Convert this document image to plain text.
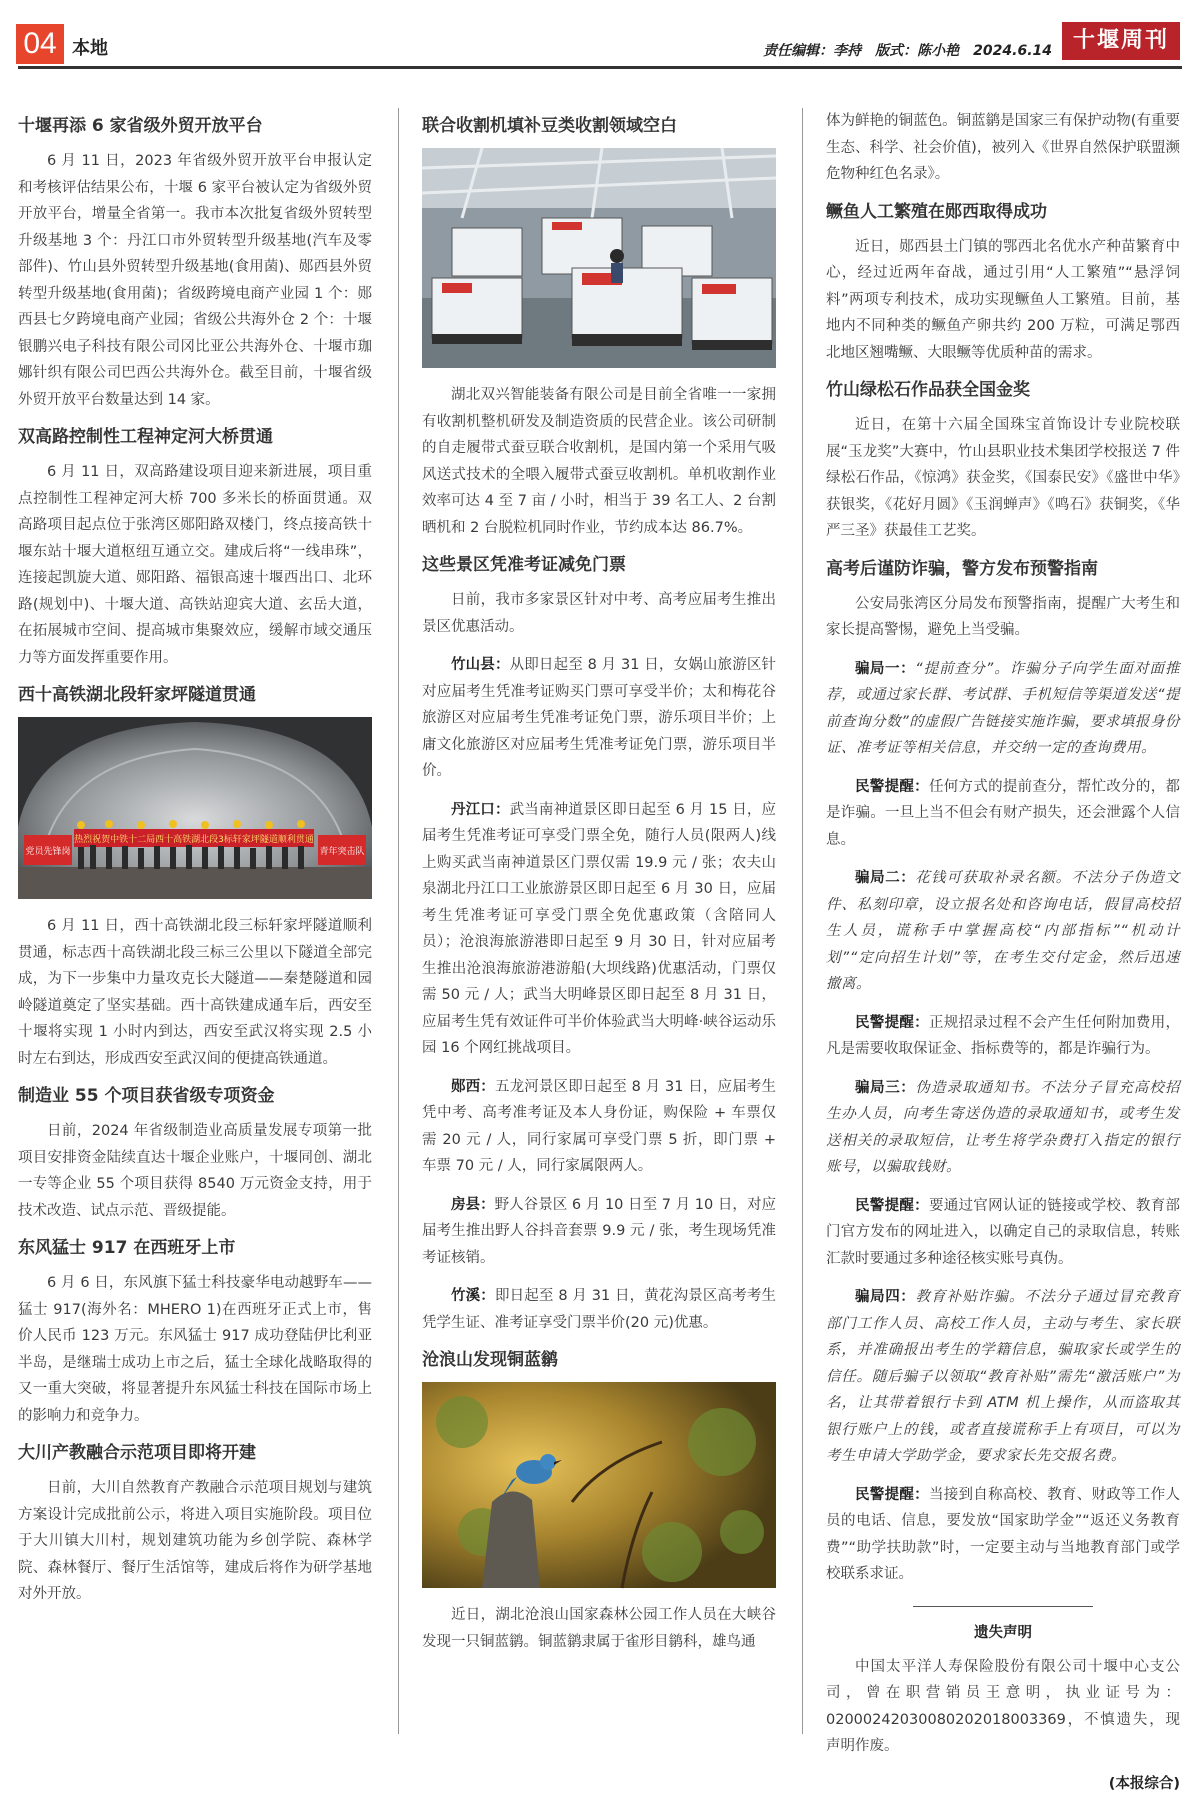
04 本地	责任编辑：李持　版式：陈小艳　2024.6.14 十堰周刊
十堰再添 6 家省级外贸开放平台

6 月 11 日，2023 年省级外贸开放平台申报认定和考核评估结果公布，十堰 6 家平台被认定为省级外贸开放平台，增量全省第一。我市本次批复省级外贸转型升级基地 3 个：丹江口市外贸转型升级基地(汽车及零部件)、竹山县外贸转型升级基地(食用菌)、郧西县外贸转型升级基地(食用菌)；省级跨境电商产业园 1 个：郧西县七夕跨境电商产业园；省级公共海外仓 2 个：十堰银鹏兴电子科技有限公司冈比亚公共海外仓、十堰市珈娜针织有限公司巴西公共海外仓。截至目前，十堰省级外贸开放平台数量达到 14 家。

双高路控制性工程神定河大桥贯通

6 月 11 日，双高路建设项目迎来新进展，项目重点控制性工程神定河大桥 700 多米长的桥面贯通。双高路项目起点位于张湾区郧阳路双楼门，终点接高铁十堰东站十堰大道枢纽互通立交。建成后将“一线串珠”，连接起凯旋大道、郧阳路、福银高速十堰西出口、北环路(规划中)、十堰大道、高铁站迎宾大道、玄岳大道，在拓展城市空间、提高城市集聚效应，缓解市域交通压力等方面发挥重要作用。

西十高铁湖北段轩家坪隧道贯通
热烈祝贺中铁十二局西十高铁湖北段3标轩家坪隧道顺利贯通
党员先锋岗	青年突击队

6 月 11 日，西十高铁湖北段三标轩家坪隧道顺利贯通，标志西十高铁湖北段三标三公里以下隧道全部完成，为下一步集中力量攻克长大隧道——秦楚隧道和园岭隧道奠定了坚实基础。西十高铁建成通车后，西安至十堰将实现 1 小时内到达，西安至武汉将实现 2.5 小时左右到达，形成西安至武汉间的便捷高铁通道。

制造业 55 个项目获省级专项资金

日前，2024 年省级制造业高质量发展专项第一批项目安排资金陆续直达十堰企业账户，十堰同创、湖北一专等企业 55 个项目获得 8540 万元资金支持，用于技术改造、试点示范、晋级提能。

东风猛士 917 在西班牙上市

6 月 6 日，东风旗下猛士科技豪华电动越野车——猛士 917(海外名：MHERO 1)在西班牙正式上市，售价人民币 123 万元。东风猛士 917 成功登陆伊比利亚半岛，是继瑞士成功上市之后，猛士全球化战略取得的又一重大突破，将显著提升东风猛士科技在国际市场上的影响力和竞争力。

大川产教融合示范项目即将开建

日前，大川自然教育产教融合示范项目规划与建筑方案设计完成批前公示，将进入项目实施阶段。项目位于大川镇大川村，规划建筑功能为乡创学院、森林学院、森林餐厅、餐厅生活馆等，建成后将作为研学基地对外开放。

联合收割机填补豆类收割领域空白

湖北双兴智能装备有限公司是目前全省唯一一家拥有收割机整机研发及制造资质的民营企业。该公司研制的自走履带式蚕豆联合收割机，是国内第一个采用气吸风送式技术的全喂入履带式蚕豆收割机。单机收割作业效率可达 4 至 7 亩 / 小时，相当于 39 名工人、2 台割晒机和 2 台脱粒机同时作业，节约成本达 86.7%。

这些景区凭准考证减免门票

日前，我市多家景区针对中考、高考应届考生推出景区优惠活动。

竹山县：从即日起至 8 月 31 日，女娲山旅游区针对应届考生凭准考证购买门票可享受半价；太和梅花谷旅游区对应届考生凭准考证免门票，游乐项目半价；上庸文化旅游区对应届考生凭准考证免门票，游乐项目半价。

丹江口：武当南神道景区即日起至 6 月 15 日，应届考生凭准考证可享受门票全免，随行人员(限两人)线上购买武当南神道景区门票仅需 19.9 元 / 张；农夫山泉湖北丹江口工业旅游景区即日起至 6 月 30 日，应届考生凭准考证可享受门票全免优惠政策（含陪同人员）；沧浪海旅游港即日起至 9 月 30 日，针对应届考生推出沧浪海旅游港游船(大坝线路)优惠活动，门票仅需 50 元 / 人；武当大明峰景区即日起至 8 月 31 日，应届考生凭有效证件可半价体验武当大明峰·峡谷运动乐园 16 个网红挑战项目。

郧西：五龙河景区即日起至 8 月 31 日，应届考生凭中考、高考准考证及本人身份证，购保险 + 车票仅需 20 元 / 人，同行家属可享受门票 5 折，即门票 + 车票 70 元 / 人，同行家属限两人。

房县：野人谷景区 6 月 10 日至 7 月 10 日，对应届考生推出野人谷抖音套票 9.9 元 / 张，考生现场凭准考证核销。

竹溪：即日起至 8 月 31 日，黄花沟景区高考考生凭学生证、准考证享受门票半价(20 元)优惠。

沧浪山发现铜蓝鹟

近日，湖北沧浪山国家森林公园工作人员在大峡谷发现一只铜蓝鹟。铜蓝鹟隶属于雀形目鹟科，雄鸟通

体为鲜艳的铜蓝色。铜蓝鹟是国家三有保护动物(有重要生态、科学、社会价值)，被列入《世界自然保护联盟濒危物种红色名录》。

鳜鱼人工繁殖在郧西取得成功

近日，郧西县土门镇的鄂西北名优水产种苗繁育中心，经过近两年奋战，通过引用“人工繁殖”“悬浮饲料”两项专利技术，成功实现鳜鱼人工繁殖。目前，基地内不同种类的鳜鱼产卵共约 200 万粒，可满足鄂西北地区翘嘴鳜、大眼鳜等优质种苗的需求。

竹山绿松石作品获全国金奖

近日，在第十六届全国珠宝首饰设计专业院校联展“玉龙奖”大赛中，竹山县职业技术集团学校报送 7 件绿松石作品，《惊鸿》获金奖，《国泰民安》《盛世中华》获银奖，《花好月圆》《玉润蝉声》《鸣石》获铜奖，《华严三圣》获最佳工艺奖。

高考后谨防诈骗，警方发布预警指南

公安局张湾区分局发布预警指南，提醒广大考生和家长提高警惕，避免上当受骗。

骗局一：“提前查分”。诈骗分子向学生面对面推荐，或通过家长群、考试群、手机短信等渠道发送“提前查询分数”的虚假广告链接实施诈骗，要求填报身份证、准考证等相关信息，并交纳一定的查询费用。

民警提醒：任何方式的提前查分，帮忙改分的，都是诈骗。一旦上当不但会有财产损失，还会泄露个人信息。

骗局二：花钱可获取补录名额。不法分子伪造文件、私刻印章，设立报名处和咨询电话，假冒高校招生人员，谎称手中掌握高校“内部指标”“机动计划”“定向招生计划”等，在考生交付定金，然后迅速撤离。

民警提醒：正规招录过程不会产生任何附加费用，凡是需要收取保证金、指标费等的，都是诈骗行为。

骗局三：伪造录取通知书。不法分子冒充高校招生办人员，向考生寄送伪造的录取通知书，或考生发送相关的录取短信，让考生将学杂费打入指定的银行账号，以骗取钱财。

民警提醒：要通过官网认证的链接或学校、教育部门官方发布的网址进入，以确定自己的录取信息，转账汇款时要通过多种途径核实账号真伪。

骗局四：教育补贴诈骗。不法分子通过冒充教育部门工作人员、高校工作人员，主动与考生、家长联系，并准确报出考生的学籍信息，骗取家长或学生的信任。随后骗子以领取“教育补贴”需先“激活账户”为名，让其带着银行卡到 ATM 机上操作，从而盗取其银行账户上的钱，或者直接谎称手上有项目，可以为考生申请大学助学金，要求家长先交报名费。

民警提醒：当接到自称高校、教育、财政等工作人员的电话、信息，要发放“国家助学金”“返还义务教育费”“助学扶助款”时，一定要主动与当地教育部门或学校联系求证。

遗失声明

中国太平洋人寿保险股份有限公司十堰中心支公司，曾在职营销员王意明，执业证号为：02000242030080202018003369，不慎遗失，现声明作废。

(本报综合)
